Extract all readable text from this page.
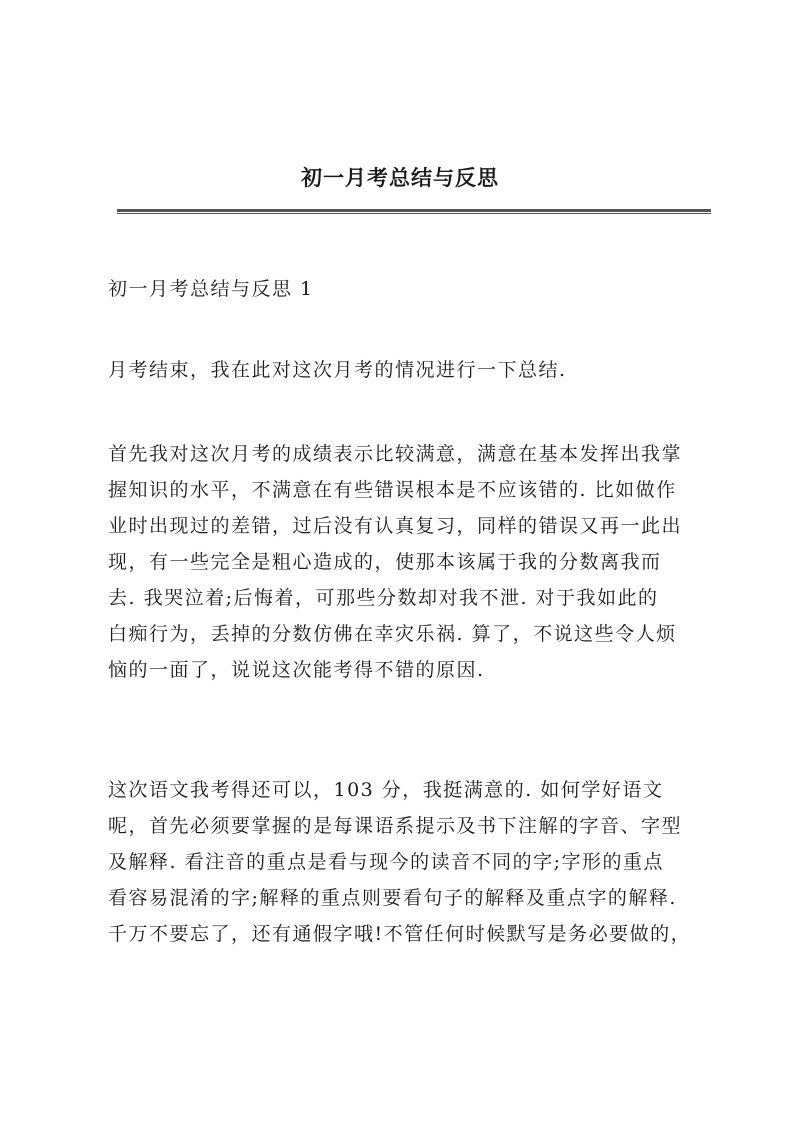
初一月考总结与反思
初一月考总结与反思 1

月考结束，我在此对这次月考的情况进行一下总结.

首先我对这次月考的成绩表示比较满意，满意在基本发挥出我掌
握知识的水平，不满意在有些错误根本是不应该错的. 比如做作
业时出现过的差错，过后没有认真复习，同样的错误又再一此出
现，有一些完全是粗心造成的，使那本该属于我的分数离我而
去. 我哭泣着;后悔着，可那些分数却对我不泄. 对于我如此的
白痴行为，丢掉的分数仿佛在幸灾乐祸. 算了，不说这些令人烦
恼的一面了，说说这次能考得不错的原因.

这次语文我考得还可以，103 分，我挺满意的. 如何学好语文
呢，首先必须要掌握的是每课语系提示及书下注解的字音、字型
及解释. 看注音的重点是看与现今的读音不同的字;字形的重点
看容易混淆的字;解释的重点则要看句子的解释及重点字的解释.
千万不要忘了，还有通假字哦!不管任何时候默写是务必要做的，
